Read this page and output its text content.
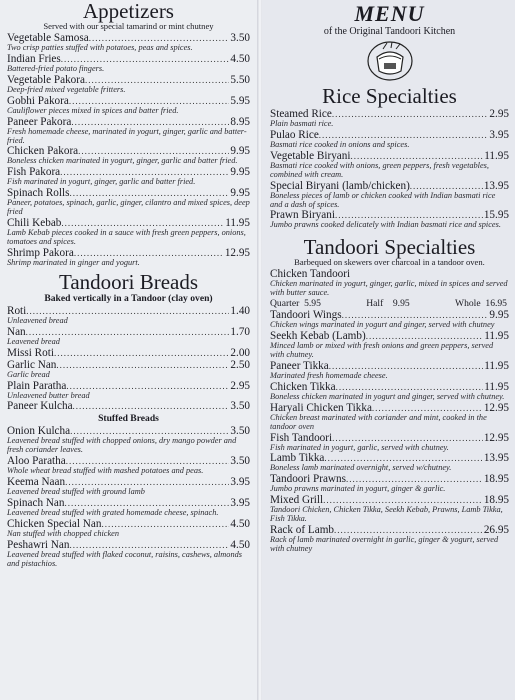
Appetizers

Served with our special tamarind or mint chutney

Vegetable Samosa .....	3.50

Two crisp patties stuffed with potatoes, peas and spices.

Indian Fries .....	4.50

Battered-fried potato fingers.

Vegetable Pakora .....	5.50

Deep-fried mixed vegetable fritters.

Gobhi Pakora .....	5.95

Cauliflower pieces mixed in spices and batter fried.

Paneer Pakora .....	8.95

Fresh homemade cheese, marinated in yogurt, ginger, garlic and batter-fried.

Chicken Pakora .....	9.95

Boneless chicken marinated in yogurt, ginger, garlic and batter fried.

Fish Pakora .....	9.95

Fish marinated in yogurt, ginger, garlic and batter fried.

Spinach Rolls .....	9.95

Paneer, potatoes, spinach, garlic, ginger, cilantro and mixed spices, deep fried

Chili Kebab .....	11.95

Lamb Kebab pieces cooked in a sauce with fresh green peppers, onions, tomatoes and spices.

Shrimp Pakora .....	12.95

Shrimp marinated in ginger and yogurt.

Tandoori Breads

Baked vertically in a Tandoor (clay oven)

Roti .....	1.40

Unleavened bread

Nan .....	1.70

Leavened bread

Missi Roti .....	2.00
Garlic Nan .....	2.50

Garlic bread

Plain Paratha .....	2.95

Unleavened butter bread

Paneer Kulcha .....	3.50

Stuffed Breads

Onion Kulcha .....	3.50

Leavened bread stuffed with chopped onions, dry mango powder and fresh coriander leaves.

Aloo Paratha .....	3.50

Whole wheat bread stuffed with mashed potatoes and peas.

Keema Naan .....	3.95

Leavened bread stuffed with ground lamb

Spinach Nan .....	3.95

Leavened bread stuffed with grated homemade cheese, spinach.

Chicken Special Nan .....	4.50

Nan stuffed with chopped chicken

Peshawri Nan .....	4.50

Leavened bread stuffed with flaked coconut, raisins, cashews, almonds and pistachios.

MENU

of the Original Tandoori Kitchen

Rice Specialties
Steamed Rice .....	2.95

Plain basmati rice.

Pulao Rice .....	3.95

Basmati rice cooked in onions and spices.

Vegetable Biryani .....	11.95

Basmati rice cooked with onions, green peppers, fresh vegetables, combined with cream.

Special Biryani (lamb/chicken) .....	13.95

Boneless pieces of lamb or chicken cooked with Indian basmati rice and a dash of spices.

Prawn Biryani .....	15.95

Jumbo prawns cooked delicately with Indian basmati rice and spices.

Tandoori Specialties

Barbequed on skewers over charcoal in a tandoor oven.

Chicken Tandoori

Chicken marinated in yogurt, ginger, garlic, mixed in spices and served with butter sauce.

Quarter 5.95	Half 9.95	Whole 16.95
Tandoori Wings .....	9.95

Chicken wings marinated in yogurt and ginger, served with chutney

Seekh Kebab (Lamb) .....	11.95

Minced lamb or mixed with fresh onions and green peppers, served with chutney.

Paneer Tikka .....	11.95

Marinated fresh homemade cheese.

Chicken Tikka .....	11.95

Boneless chicken marinated in yogurt and ginger, served with chutney.

Haryali Chicken Tikka .....	12.95

Chicken breast marinated with coriander and mint, cooked in the tandoor oven

Fish Tandoori .....	12.95

Fish marinated in yogurt, garlic, served with chutney.

Lamb Tikka .....	13.95

Boneless lamb marinated overnight, served w/chutney.

Tandoori Prawns .....	18.95

Jumbo prawns marinated in yogurt, ginger & garlic.

Mixed Grill .....	18.95

Tandoori Chicken, Chicken Tikka, Seekh Kebab, Prawns, Lamb Tikka, Fish Tikka.

Rack of Lamb .....	26.95

Rack of lamb marinated overnight in garlic, ginger & yogurt, served with chutney
